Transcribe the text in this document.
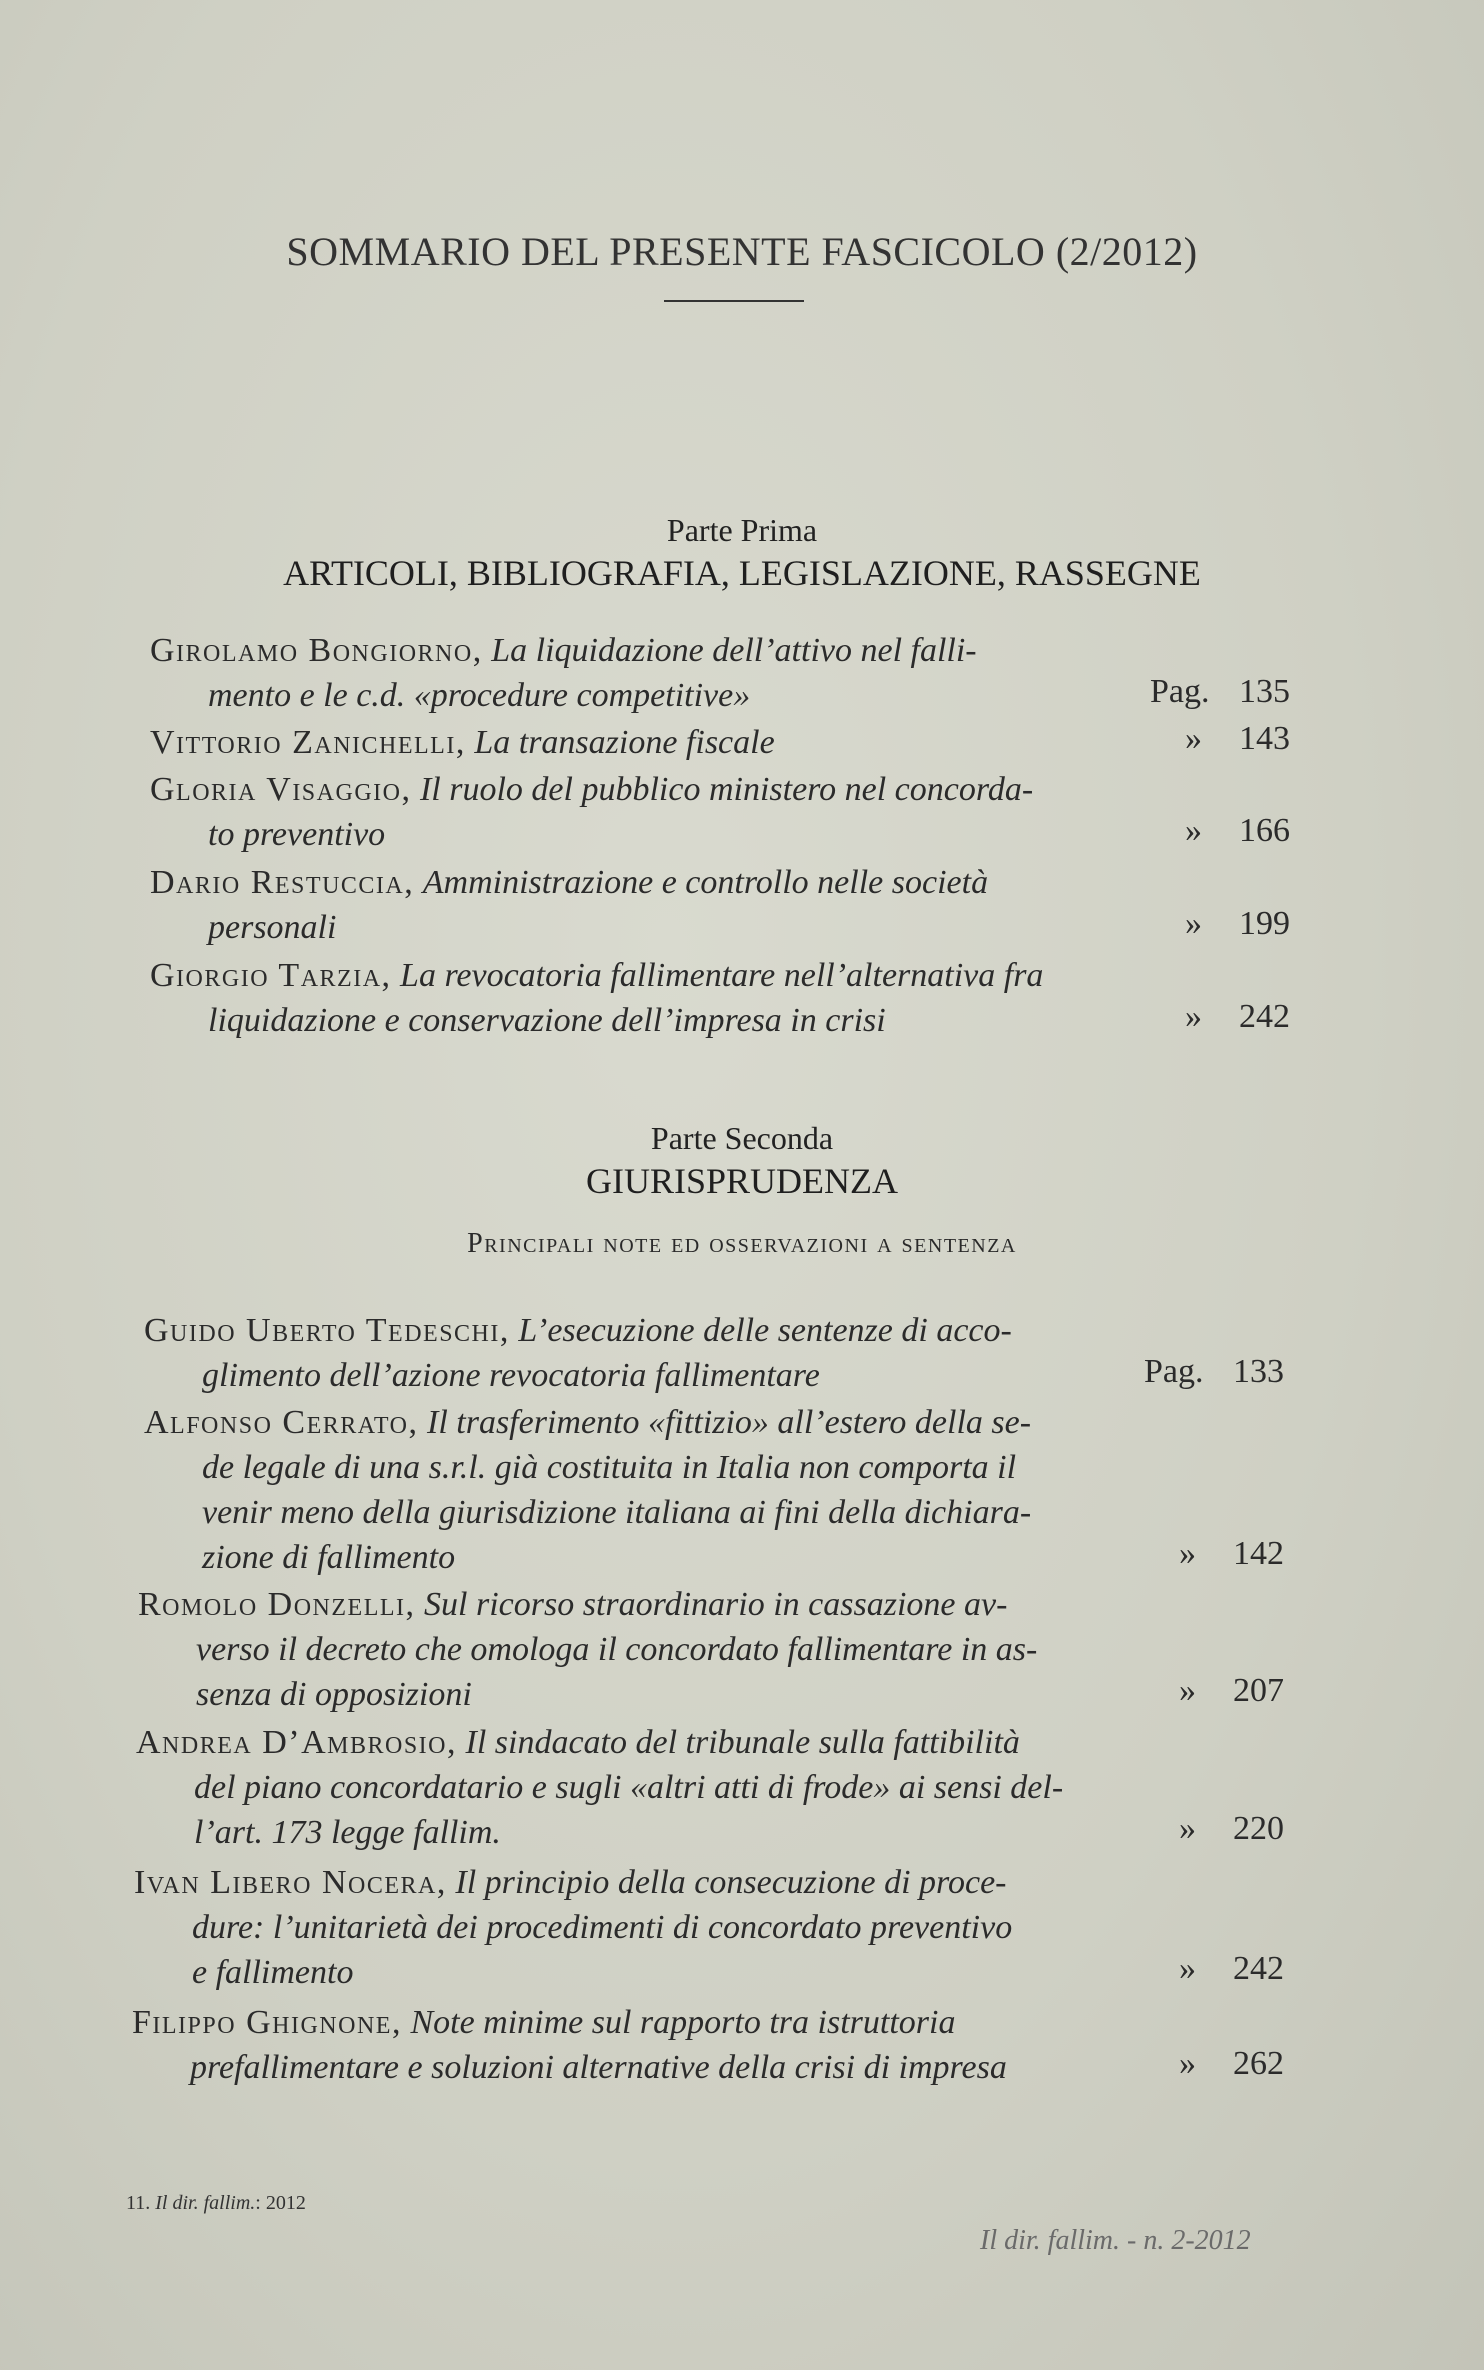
SOMMARIO DEL PRESENTE FASCICOLO (2/2012)
Parte Prima
ARTICOLI, BIBLIOGRAFIA, LEGISLAZIONE, RASSEGNE
Girolamo Bongiorno, La liquidazione dell’attivo nel falli-
mento e le c.d. «procedure competitive»	Pag. 135
Vittorio Zanichelli, La transazione fiscale	» 143
Gloria Visaggio, Il ruolo del pubblico ministero nel concorda-
to preventivo	» 166
Dario Restuccia, Amministrazione e controllo nelle società
personali	» 199
Giorgio Tarzia, La revocatoria fallimentare nell’alternativa fra
liquidazione e conservazione dell’impresa in crisi	» 242
Parte Seconda
GIURISPRUDENZA
Principali note ed osservazioni a sentenza
Guido Uberto Tedeschi, L’esecuzione delle sentenze di acco-
glimento dell’azione revocatoria fallimentare	Pag. 133
Alfonso Cerrato, Il trasferimento «fittizio» all’estero della se-
de legale di una s.r.l. già costituita in Italia non comporta il
venir meno della giurisdizione italiana ai fini della dichiara-
zione di fallimento	» 142
Romolo Donzelli, Sul ricorso straordinario in cassazione av-
verso il decreto che omologa il concordato fallimentare in as-
senza di opposizioni	» 207
Andrea D’Ambrosio, Il sindacato del tribunale sulla fattibilità
del piano concordatario e sugli «altri atti di frode» ai sensi del-
l’art. 173 legge fallim.	» 220
Ivan Libero Nocera, Il principio della consecuzione di proce-
dure: l’unitarietà dei procedimenti di concordato preventivo
e fallimento	» 242
Filippo Ghignone, Note minime sul rapporto tra istruttoria
prefallimentare e soluzioni alternative della crisi di impresa	» 262
11. Il dir. fallim.: 2012
Il dir. fallim. - n. 2-2012
